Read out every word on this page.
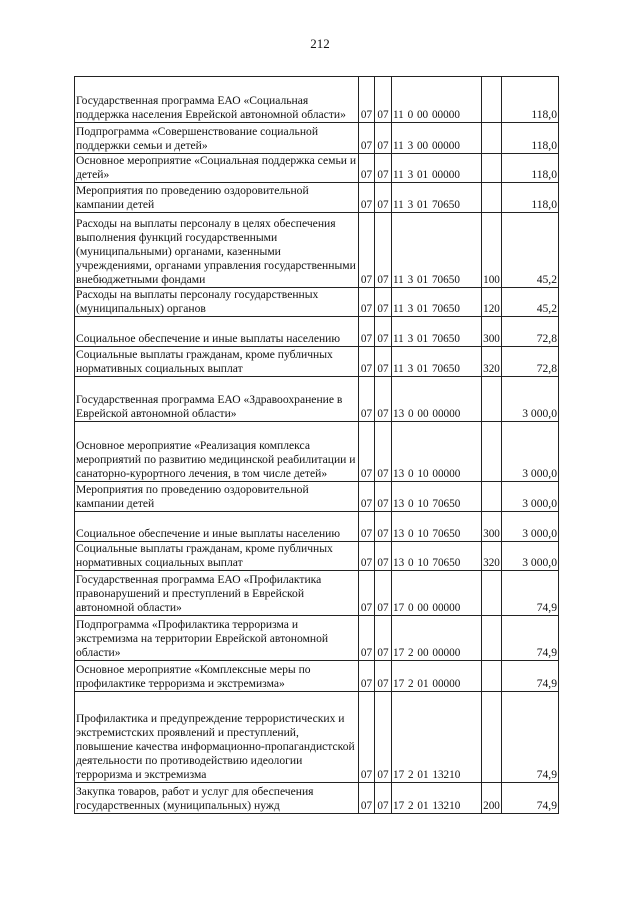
212
Государственная программа ЕАО «Социальная поддержка населения Еврейской автономной области»	07	07	11 0 00 00000		118,0
Подпрограмма «Совершенствование социальной поддержки семьи и детей»	07	07	11 3 00 00000		118,0
Основное мероприятие «Социальная поддержка семьи и детей»	07	07	11 3 01 00000		118,0
Мероприятия по проведению оздоровительной кампании детей	07	07	11 3 01 70650		118,0
Расходы на выплаты персоналу в целях обеспечения выполнения функций государственными (муниципальными) органами, казенными учреждениями, органами управления государственными внебюджетными фондами	07	07	11 3 01 70650	100	45,2
Расходы на выплаты персоналу государственных (муниципальных) органов	07	07	11 3 01 70650	120	45,2
Социальное обеспечение и иные выплаты населению	07	07	11 3 01 70650	300	72,8
Социальные выплаты гражданам, кроме публичных нормативных социальных выплат	07	07	11 3 01 70650	320	72,8
Государственная программа ЕАО «Здравоохранение в Еврейской автономной области»	07	07	13 0 00 00000		3 000,0
Основное мероприятие «Реализация комплекса мероприятий по развитию медицинской реабилитации и санаторно-курортного лечения, в том числе детей»	07	07	13 0 10 00000		3 000,0
Мероприятия по проведению оздоровительной кампании детей	07	07	13 0 10 70650		3 000,0
Социальное обеспечение и иные выплаты населению	07	07	13 0 10 70650	300	3 000,0
Социальные выплаты гражданам, кроме публичных нормативных социальных выплат	07	07	13 0 10 70650	320	3 000,0
Государственная программа ЕАО «Профилактика правонарушений и преступлений в Еврейской автономной области»	07	07	17 0 00 00000		74,9
Подпрограмма «Профилактика терроризма и экстремизма на территории Еврейской автономной области»	07	07	17 2 00 00000		74,9
Основное мероприятие «Комплексные меры по профилактике терроризма и экстремизма»	07	07	17 2 01 00000		74,9
Профилактика и предупреждение террористических и экстремистских проявлений и преступлений, повышение качества информационно-пропагандистской деятельности по противодействию идеологии терроризма и экстремизма	07	07	17 2 01 13210		74,9
Закупка товаров, работ и услуг для обеспечения государственных (муниципальных) нужд	07	07	17 2 01 13210	200	74,9
